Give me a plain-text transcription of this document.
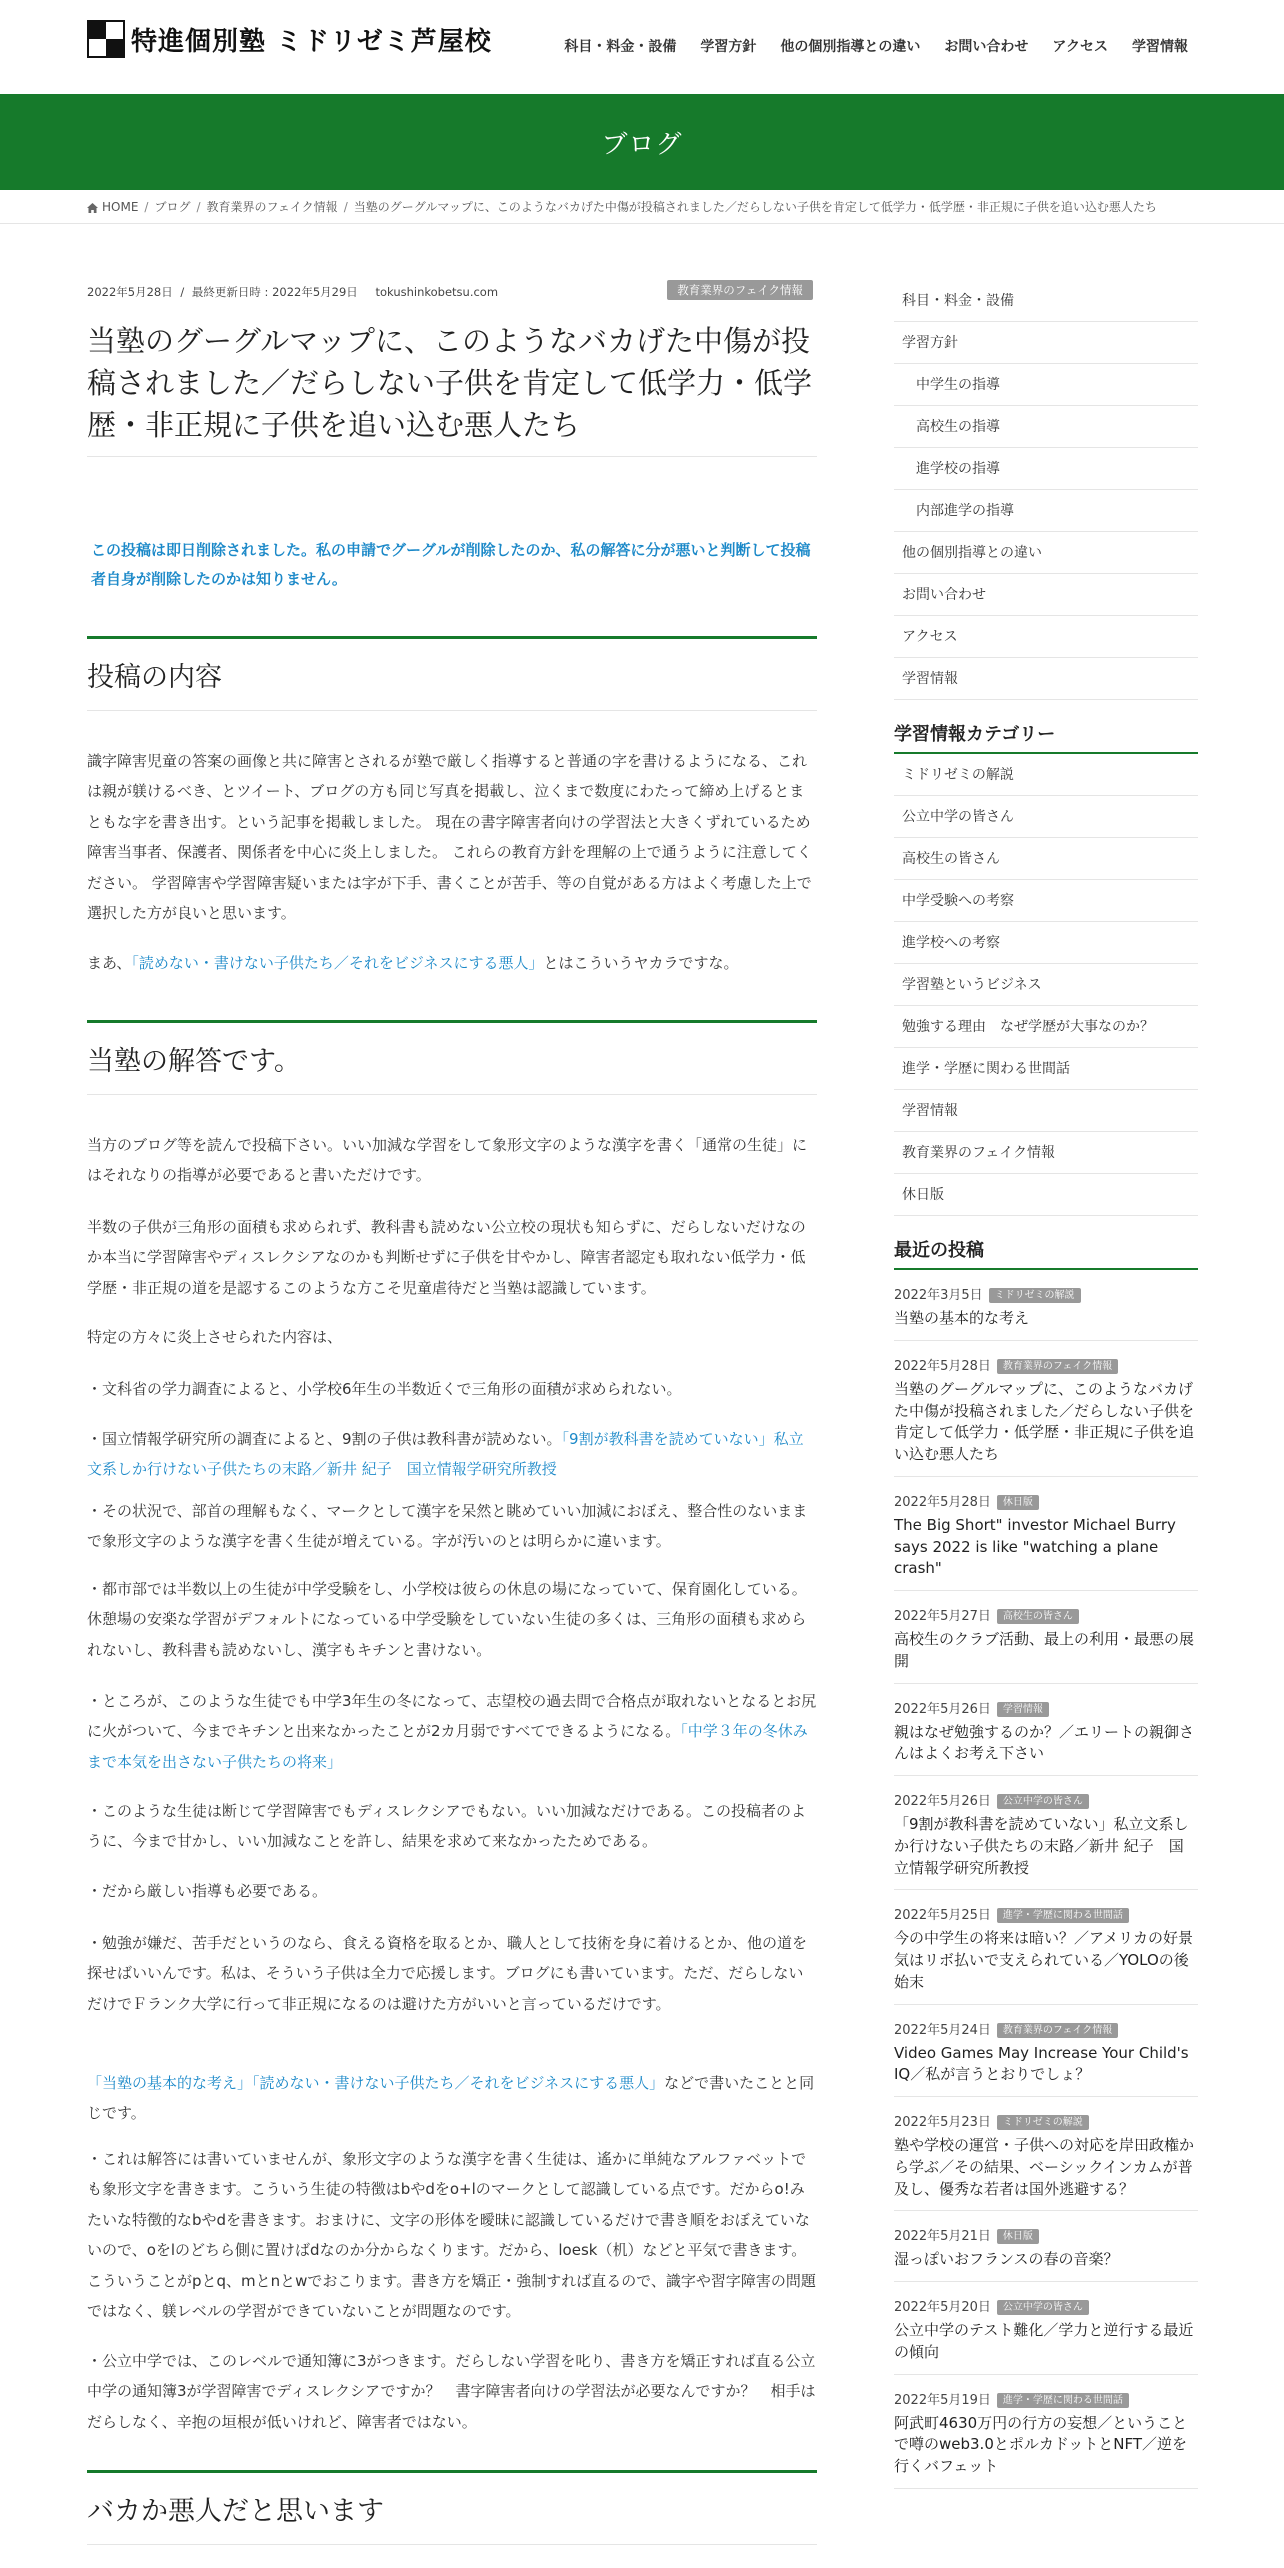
特進個別塾 ミドリゼミ芦屋校	科目・料金・設備 学習方針 他の個別指導との違い お問い合わせ アクセス 学習情報
ブログ
HOME / ブログ / 教育業界のフェイク情報 / 当塾のグーグルマップに、このようなバカげた中傷が投稿されました／だらしない子供を肯定して低学力・低学歴・非正規に子供を追い込む悪人たち
2022年5月28日 / 最終更新日時 : 2022年5月29日 tokushinkobetsu.com	教育業界のフェイク情報
当塾のグーグルマップに、このようなバカげた中傷が投稿されました／だらしない子供を肯定して低学力・低学歴・非正規に子供を追い込む悪人たち

この投稿は即日削除されました。私の申請でグーグルが削除したのか、私の解答に分が悪いと判断して投稿者自身が削除したのかは知りません。

投稿の内容

識字障害児童の答案の画像と共に障害とされるが塾で厳しく指導すると普通の字を書けるようになる、これは親が躾けるべき、とツイート、ブログの方も同じ写真を掲載し、泣くまで数度にわたって締め上げるとまともな字を書き出す。という記事を掲載しました。 現在の書字障害者向けの学習法と大きくずれているため障害当事者、保護者、関係者を中心に炎上しました。 これらの教育方針を理解の上で通うように注意してください。 学習障害や学習障害疑いまたは字が下手、書くことが苦手、等の自覚がある方はよく考慮した上で選択した方が良いと思います。

まあ、「読めない・書けない子供たち／それをビジネスにする悪人」とはこういうヤカラですな。

当塾の解答です。

当方のブログ等を読んで投稿下さい。いい加減な学習をして象形文字のような漢字を書く「通常の生徒」にはそれなりの指導が必要であると書いただけです。

半数の子供が三角形の面積も求められず、教科書も読めない公立校の現状も知らずに、だらしないだけなのか本当に学習障害やディスレクシアなのかも判断せずに子供を甘やかし、障害者認定も取れない低学力・低学歴・非正規の道を是認するこのような方こそ児童虐待だと当塾は認識しています。

特定の方々に炎上させられた内容は、

・文科省の学力調査によると、小学校6年生の半数近くで三角形の面積が求められない。

・国立情報学研究所の調査によると、9割の子供は教科書が読めない。「9割が教科書を読めていない」私立文系しか行けない子供たちの末路／新井 紀子　国立情報学研究所教授

・その状況で、部首の理解もなく、マークとして漢字を呆然と眺めていい加減におぼえ、整合性のないままで象形文字のような漢字を書く生徒が増えている。字が汚いのとは明らかに違います。

・都市部では半数以上の生徒が中学受験をし、小学校は彼らの休息の場になっていて、保育園化している。休憩場の安楽な学習がデフォルトになっている中学受験をしていない生徒の多くは、三角形の面積も求められないし、教科書も読めないし、漢字もキチンと書けない。

・ところが、このような生徒でも中学3年生の冬になって、志望校の過去問で合格点が取れないとなるとお尻に火がついて、今までキチンと出来なかったことが2カ月弱ですべてできるようになる。「中学３年の冬休みまで本気を出さない子供たちの将来」

・このような生徒は断じて学習障害でもディスレクシアでもない。いい加減なだけである。この投稿者のように、今まで甘かし、いい加減なことを許し、結果を求めて来なかったためである。

・だから厳しい指導も必要である。

・勉強が嫌だ、苦手だというのなら、食える資格を取るとか、職人として技術を身に着けるとか、他の道を探せばいいんです。私は、そういう子供は全力で応援します。ブログにも書いています。ただ、だらしないだけでＦランク大学に行って非正規になるのは避けた方がいいと言っているだけです。

「当塾の基本的な考え」「読めない・書けない子供たち／それをビジネスにする悪人」などで書いたことと同じです。

・これは解答には書いていませんが、象形文字のような漢字を書く生徒は、遙かに単純なアルファベットでも象形文字を書きます。こういう生徒の特徴はbやdをo+lのマークとして認識している点です。だからo!みたいな特徴的なbやdを書きます。おまけに、文字の形体を曖昧に認識しているだけで書き順をおぼえていないので、oをlのどちら側に置けばdなのか分からなくります。だから、loesk（机）などと平気で書きます。こういうことがpとq、mとnとwでおこります。書き方を矯正・強制すれば直るので、識字や習字障害の問題ではなく、躾レベルの学習ができていないことが問題なのです。

・公立中学では、このレベルで通知簿に3がつきます。だらしない学習を叱り、書き方を矯正すれば直る公立中学の通知簿3が学習障害でディスレクシアですか？　書字障害者向けの学習法が必要なんですか？　相手はだらしなく、辛抱の垣根が低いけれど、障害者ではない。

バカか悪人だと思います
科目・料金・設備
学習方針
中学生の指導
高校生の指導
進学校の指導
内部進学の指導
他の個別指導との違い
お問い合わせ
アクセス
学習情報
学習情報カテゴリー
ミドリゼミの解説
公立中学の皆さん
高校生の皆さん
中学受験への考察
進学校への考察
学習塾というビジネス
勉強する理由　なぜ学歴が大事なのか？
進学・学歴に関わる世間話
学習情報
教育業界のフェイク情報
休日版
最近の投稿
2022年3月5日 ミドリゼミの解説
当塾の基本的な考え
2022年5月28日 教育業界のフェイク情報
当塾のグーグルマップに、このようなバカげた中傷が投稿されました／だらしない子供を肯定して低学力・低学歴・非正規に子供を追い込む悪人たち
2022年5月28日 休日版
The Big Short" investor Michael Burry says 2022 is like "watching a plane crash"
2022年5月27日 高校生の皆さん
高校生のクラブ活動、最上の利用・最悪の展開
2022年5月26日 学習情報
親はなぜ勉強するのか？／エリートの親御さんはよくお考え下さい
2022年5月26日 公立中学の皆さん
「9割が教科書を読めていない」私立文系しか行けない子供たちの末路／新井 紀子　国立情報学研究所教授
2022年5月25日 進学・学歴に関わる世間話
今の中学生の将来は暗い？／アメリカの好景気はリボ払いで支えられている／YOLOの後始末
2022年5月24日 教育業界のフェイク情報
Video Games May Increase Your Child's IQ／私が言うとおりでしょ？
2022年5月23日 ミドリゼミの解説
塾や学校の運営・子供への対応を岸田政権から学ぶ／その結果、ベーシックインカムが普及し、優秀な若者は国外逃避する？
2022年5月21日 休日版
湿っぽいおフランスの春の音楽？
2022年5月20日 公立中学の皆さん
公立中学のテスト難化／学力と逆行する最近の傾向
2022年5月19日 進学・学歴に関わる世間話
阿武町4630万円の行方の妄想／ということで噂のweb3.0とポルカドットとNFT／逆を行くバフェット
